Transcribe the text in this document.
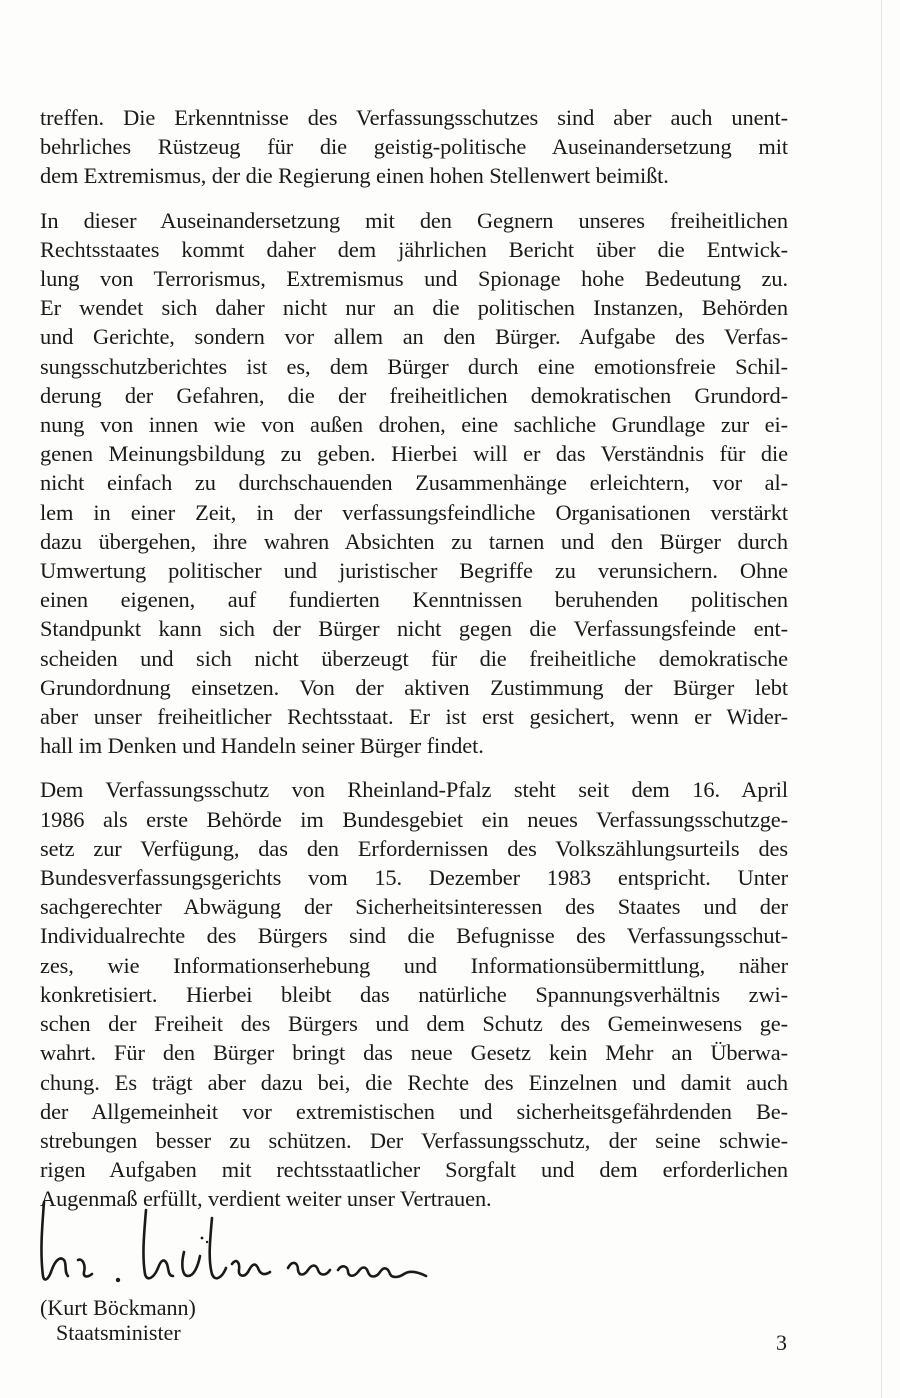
treffen. Die Erkenntnisse des Verfassungsschutzes sind aber auch unent-
behrliches Rüstzeug für die geistig-politische Auseinandersetzung mit
dem Extremismus, der die Regierung einen hohen Stellenwert beimißt.

In dieser Auseinandersetzung mit den Gegnern unseres freiheitlichen
Rechtsstaates kommt daher dem jährlichen Bericht über die Entwick-
lung von Terrorismus, Extremismus und Spionage hohe Bedeutung zu.
Er wendet sich daher nicht nur an die politischen Instanzen, Behörden
und Gerichte, sondern vor allem an den Bürger. Aufgabe des Verfas-
sungsschutzberichtes ist es, dem Bürger durch eine emotionsfreie Schil-
derung der Gefahren, die der freiheitlichen demokratischen Grundord-
nung von innen wie von außen drohen, eine sachliche Grundlage zur ei-
genen Meinungsbildung zu geben. Hierbei will er das Verständnis für die
nicht einfach zu durchschauenden Zusammenhänge erleichtern, vor al-
lem in einer Zeit, in der verfassungsfeindliche Organisationen verstärkt
dazu übergehen, ihre wahren Absichten zu tarnen und den Bürger durch
Umwertung politischer und juristischer Begriffe zu verunsichern. Ohne
einen eigenen, auf fundierten Kenntnissen beruhenden politischen
Standpunkt kann sich der Bürger nicht gegen die Verfassungsfeinde ent-
scheiden und sich nicht überzeugt für die freiheitliche demokratische
Grundordnung einsetzen. Von der aktiven Zustimmung der Bürger lebt
aber unser freiheitlicher Rechtsstaat. Er ist erst gesichert, wenn er Wider-
hall im Denken und Handeln seiner Bürger findet.

Dem Verfassungsschutz von Rheinland-Pfalz steht seit dem 16. April
1986 als erste Behörde im Bundesgebiet ein neues Verfassungsschutzge-
setz zur Verfügung, das den Erfordernissen des Volkszählungsurteils des
Bundesverfassungsgerichts vom 15. Dezember 1983 entspricht. Unter
sachgerechter Abwägung der Sicherheitsinteressen des Staates und der
Individualrechte des Bürgers sind die Befugnisse des Verfassungsschut-
zes, wie Informationserhebung und Informationsübermittlung, näher
konkretisiert. Hierbei bleibt das natürliche Spannungsverhältnis zwi-
schen der Freiheit des Bürgers und dem Schutz des Gemeinwesens ge-
wahrt. Für den Bürger bringt das neue Gesetz kein Mehr an Überwa-
chung. Es trägt aber dazu bei, die Rechte des Einzelnen und damit auch
der Allgemeinheit vor extremistischen und sicherheitsgefährdenden Be-
strebungen besser zu schützen. Der Verfassungsschutz, der seine schwie-
rigen Aufgaben mit rechtsstaatlicher Sorgfalt und dem erforderlichen
Augenmaß erfüllt, verdient weiter unser Vertrauen.

(Kurt Böckmann)
Staatsminister	3
